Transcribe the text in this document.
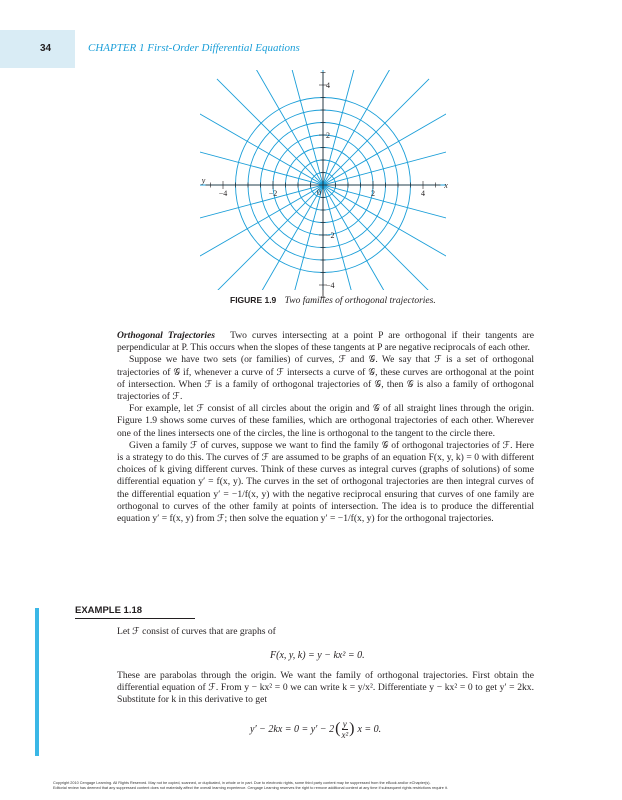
34	CHAPTER 1 First-Order Differential Equations
x
y
0
−4	−2	2	4
4
2
−2
−4
FIGURE 1.9 Two families of orthogonal trajectories.

Orthogonal Trajectories Two curves intersecting at a point P are orthogonal if their tangents are perpendicular at P. This occurs when the slopes of these tangents at P are negative reciprocals of each other.

Suppose we have two sets (or families) of curves, ℱ and 𝒢. We say that ℱ is a set of orthogonal trajectories of 𝒢 if, whenever a curve of ℱ intersects a curve of 𝒢, these curves are orthogonal at the point of intersection. When ℱ is a family of orthogonal trajectories of 𝒢, then 𝒢 is also a family of orthogonal trajectories of ℱ.

For example, let ℱ consist of all circles about the origin and 𝒢 of all straight lines through the origin. Figure 1.9 shows some curves of these families, which are orthogonal trajectories of each other. Wherever one of the lines intersects one of the circles, the line is orthogonal to the tangent to the circle there.

Given a family ℱ of curves, suppose we want to find the family 𝒢 of orthogonal trajectories of ℱ. Here is a strategy to do this. The curves of ℱ are assumed to be graphs of an equation F(x, y, k) = 0 with different choices of k giving different curves. Think of these curves as integral curves (graphs of solutions) of some differential equation y′ = f(x, y). The curves in the set of orthogonal trajectories are then integral curves of the differential equation y′ = −1/f(x, y) with the negative reciprocal ensuring that curves of one family are orthogonal to curves of the other family at points of intersection. The idea is to produce the differential equation y′ = f(x, y) from ℱ; then solve the equation y′ = −1/f(x, y) for the orthogonal trajectories.

EXAMPLE 1.18
Let ℱ consist of curves that are graphs of
F(x, y, k) = y − kx² = 0.
These are parabolas through the origin. We want the family of orthogonal trajectories. First obtain the differential equation of ℱ. From y − kx² = 0 we can write k = y/x². Differentiate y − kx² = 0 to get y′ = 2kx. Substitute for k in this derivative to get
y′ − 2kx = 0 = y′ − 2 ( $\frac{y}{\text{x²}}$ ) x = 0.
Copyright 2010 Cengage Learning. All Rights Reserved. May not be copied, scanned, or duplicated, in whole or in part. Due to electronic rights, some third party content may be suppressed from the eBook and/or eChapter(s).
Editorial review has deemed that any suppressed content does not materially affect the overall learning experience. Cengage Learning reserves the right to remove additional content at any time if subsequent rights restrictions require it.
